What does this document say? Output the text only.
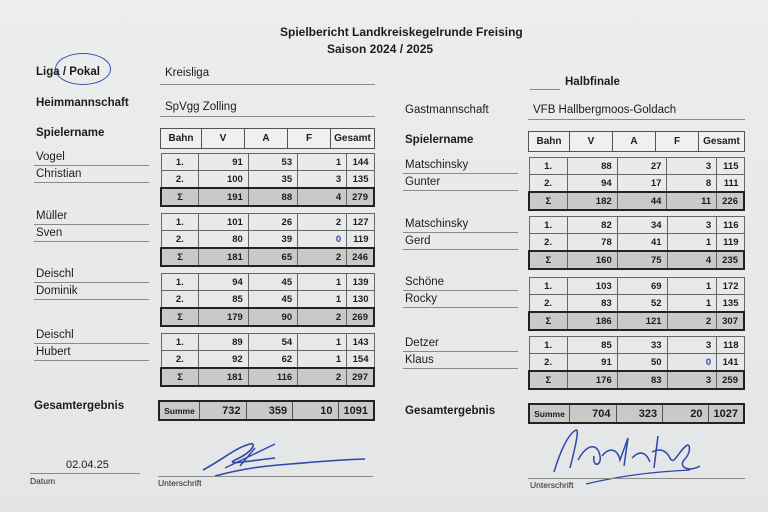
Spielbericht Landkreiskegelrunde Freising
Saison 2024 / 2025
Liga / Pokal	Kreisliga
Halbfinale
Heimmannschaft	SpVgg Zolling	Gastmannschaft	VFB Hallbergmoos-Goldach
Spielername
Spielername
Bahn	V	A	F	Gesamt	Bahn	V	A	F	Gesamt
Vogel
Christian
1.	91	53	1	144
2.	100	35	3	135
Σ	191	88	4	279
Müller
Sven
1.	101	26	2	127
2.	80	39	0	119
Σ	181	65	2	246
Deischl
Dominik
1.	94	45	1	139
2.	85	45	1	130
Σ	179	90	2	269
Deischl
Hubert
1.	89	54	1	143
2.	92	62	1	154
Σ	181	116	2	297
Matschinsky
Gunter
1.	88	27	3	115
2.	94	17	8	111
Σ	182	44	11	226
Matschinsky
Gerd
1.	82	34	3	116
2.	78	41	1	119
Σ	160	75	4	235
Schöne
Rocky
1.	103	69	1	172
2.	83	52	1	135
Σ	186	121	2	307
Detzer
Klaus
1.	85	33	3	118
2.	91	50	0	141
Σ	176	83	3	259
Gesamtergebnis	Summe	732	359	10	1091	Gesamtergebnis	Summe	704	323	20	1027
02.04.25
Datum	Unterschrift	Unterschrift
